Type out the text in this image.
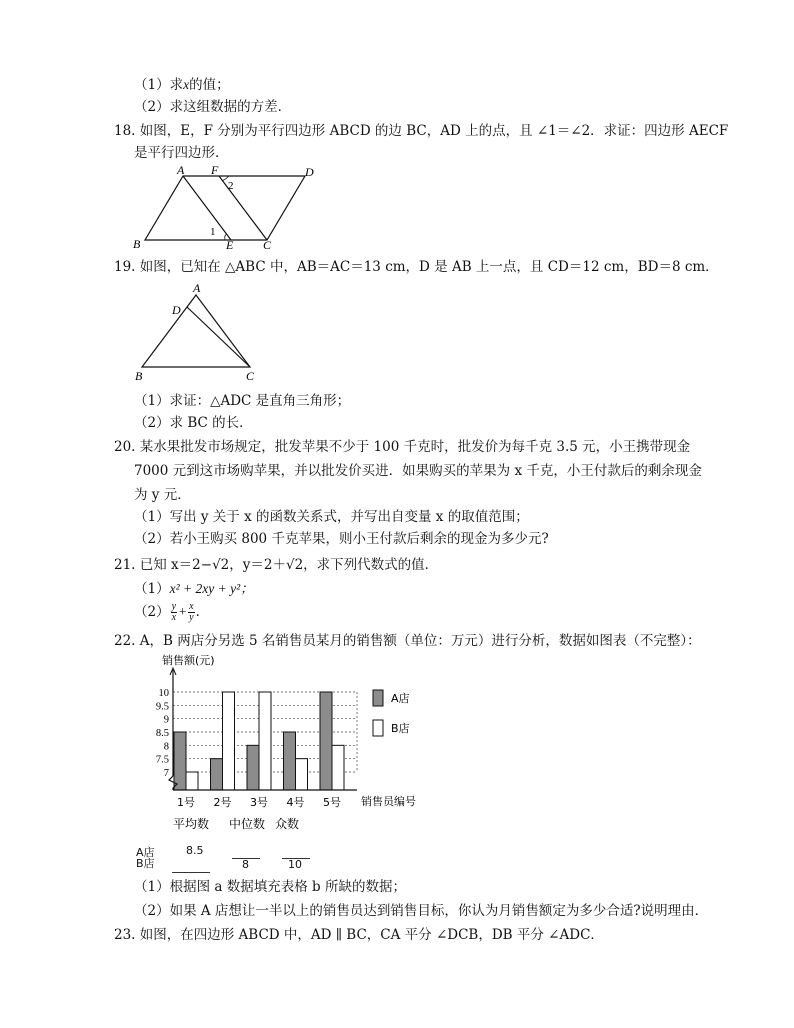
（1）求x的值；
（2）求这组数据的方差．
18. 如图，E，F 分别为平行四边形 ABCD 的边 BC，AD 上的点，且 ∠1＝∠2．求证：四边形 AECF
是平行四边形．
A F
2
D
B
1
E C
19. 如图，已知在 △ABC 中，AB＝AC＝13 cm，D 是 AB 上一点，且 CD＝12 cm，BD＝8 cm．
A
D
B	C
（1）求证：△ADC 是直角三角形；
（2）求 BC 的长．
20. 某水果批发市场规定，批发苹果不少于 100 千克时，批发价为每千克 3.5 元，小王携带现金
7000 元到这市场购苹果，并以批发价买进．如果购买的苹果为 x 千克，小王付款后的剩余现金
为 y 元．
（1）写出 y 关于 x 的函数关系式，并写出自变量 x 的取值范围；
（2）若小王购买 800 千克苹果，则小王付款后剩余的现金为多少元?
21. 已知 x＝2−√2，y＝2＋√2，求下列代数式的值．
（1）x² + 2xy + y²；
$(2) \frac{y}{x} + \frac{x}{y}$ ．
22. A，B 两店分另选 5 名销售员某月的销售额（单位：万元）进行分析，数据如图表（不完整）：
销售额(元)
销售员编号
7
7.5
8
8.5
9
9.5
10
1号 2号 3号 4号 5号
A店
B店
平均数 中位数 众数
A店
B店
8.5
8	10
（1）根据图 a 数据填充表格 b 所缺的数据；
（2）如果 A 店想让一半以上的销售员达到销售目标，你认为月销售额定为多少合适?说明理由．
23. 如图，在四边形 ABCD 中，AD ∥ BC，CA 平分 ∠DCB，DB 平分 ∠ADC．
